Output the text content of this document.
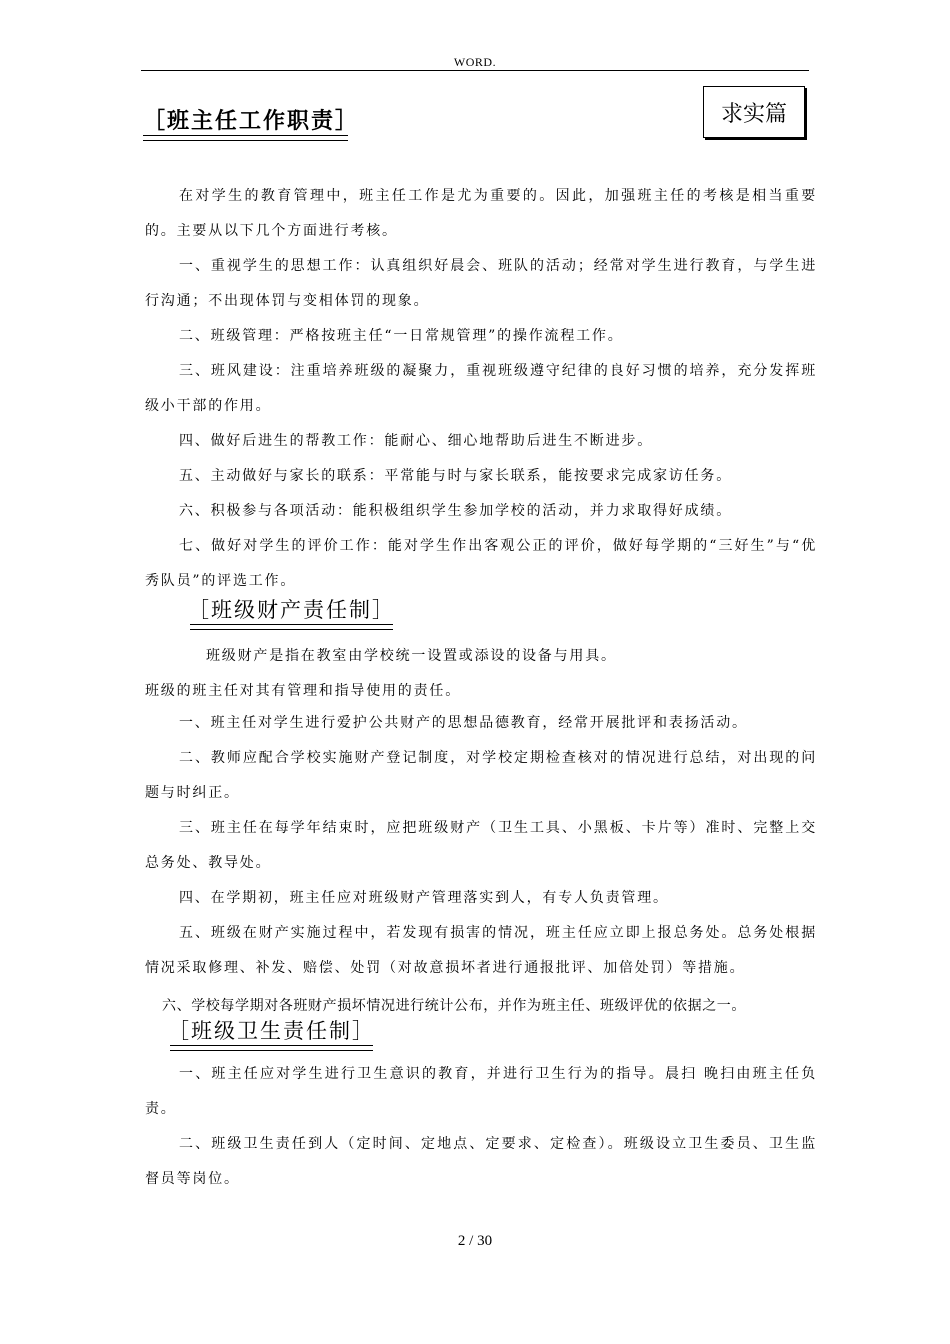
WORD.
［班主任工作职责］	求实篇
在对学生的教育管理中，班主任工作是尤为重要的。因此，加强班主任的考核是相当重要的。主要从以下几个方面进行考核。
一、重视学生的思想工作：认真组织好晨会、班队的活动；经常对学生进行教育，与学生进行沟通；不出现体罚与变相体罚的现象。
二、班级管理：严格按班主任“一日常规管理”的操作流程工作。
三、班风建设：注重培养班级的凝聚力，重视班级遵守纪律的良好习惯的培养，充分发挥班级小干部的作用。
四、做好后进生的帮教工作：能耐心、细心地帮助后进生不断进步。
五、主动做好与家长的联系：平常能与时与家长联系，能按要求完成家访任务。
六、积极参与各项活动：能积极组织学生参加学校的活动，并力求取得好成绩。
七、做好对学生的评价工作：能对学生作出客观公正的评价，做好每学期的“三好生”与“优秀队员”的评选工作。
［班级财产责任制］
班级财产是指在教室由学校统一设置或添设的设备与用具。
班级的班主任对其有管理和指导使用的责任。
一、班主任对学生进行爱护公共财产的思想品德教育，经常开展批评和表扬活动。
二、教师应配合学校实施财产登记制度，对学校定期检查核对的情况进行总结，对出现的问题与时纠正。
三、班主任在每学年结束时，应把班级财产（卫生工具、小黑板、卡片等）准时、完整上交总务处、教导处。
四、在学期初，班主任应对班级财产管理落实到人，有专人负责管理。
五、班级在财产实施过程中，若发现有损害的情况，班主任应立即上报总务处。总务处根据情况采取修理、补发、赔偿、处罚（对故意损坏者进行通报批评、加倍处罚）等措施。
六、学校每学期对各班财产损坏情况进行统计公布，并作为班主任、班级评优的依据之一。
［班级卫生责任制］
一、班主任应对学生进行卫生意识的教育，并进行卫生行为的指导。晨扫 晚扫由班主任负责。
二、班级卫生责任到人（定时间、定地点、定要求、定检查）。班级设立卫生委员、卫生监督员等岗位。
2 / 30
